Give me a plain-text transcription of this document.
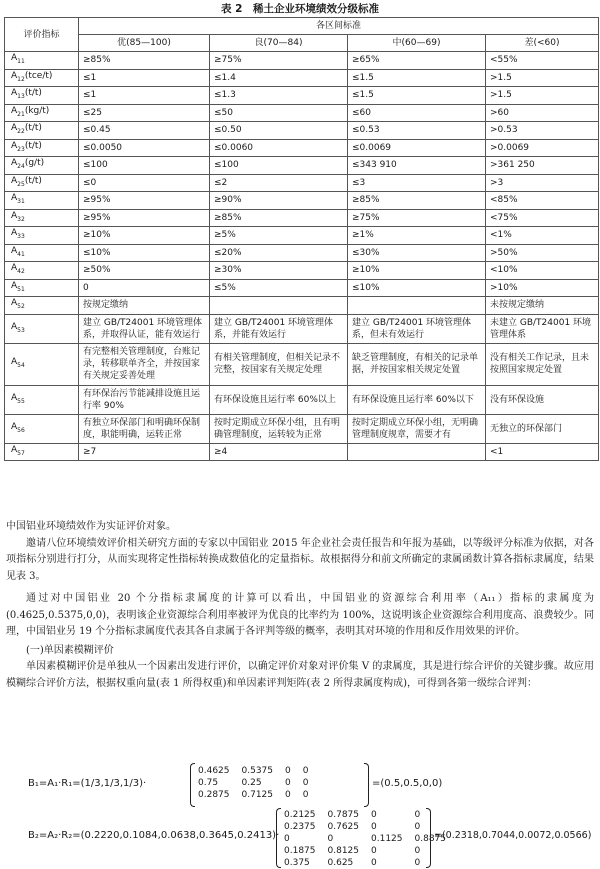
表 2　稀土企业环境绩效分级标准
评价指标	各区间标准			
	优(85—100)	良(70—84)	中(60—69)	差(<60)
$A_{11}$	≥85%	≥75%	≥65%	<55%
$A_{12}(tce/t)$	≤1	≤1.4	≤1.5	>1.5
$A_{13}(t/t)$	≤1	≤1.3	≤1.5	>1.5
$A_{21}(kg/t)$	≤25	≤50	≤60	>60
$A_{22}(t/t)$	≤0.45	≤0.50	≤0.53	>0.53
$A_{23}(t/t)$	≤0.0050	≤0.0060	≤0.0069	>0.0069
$A_{24}(g/t)$	≤100	≤100	≤343 910	>361 250
$A_{25}(t/t)$	≤0	≤2	≤3	>3
$A_{31}$	≥95%	≥90%	≥85%	<85%
$A_{32}$	≥95%	≥85%	≥75%	<75%
$A_{33}$	≥10%	≥5%	≥1%	<1%
$A_{41}$	≤10%	≤20%	≤30%	>50%
$A_{42}$	≥50%	≥30%	≥10%	<10%
$A_{51}$	0	≤5%	≤10%	>10%
$A_{52}$	按规定缴纳			未按规定缴纳
$A_{53}$	建立 GB/T24001 环境管理体系，并取得认证，能有效运行	建立 GB/T24001 环境管理体系，并能有效运行	建立 GB/T24001 环境管理体系，但未有效运行	未建立 GB/T24001 环境管理体系
$A_{54}$	有完整相关管理制度，台账记录，转移联单齐全，并按国家有关规定妥善处理	有相关管理制度，但相关记录不完整，按国家有关规定处理	缺乏管理制度，有相关的记录单据，并按国家相关规定处置	没有相关工作记录，且未按照国家规定处置
$A_{55}$	有环保治污节能减排设施且运行率 90%	有环保设施且运行率 60%以上	有环保设施且运行率 60%以下	没有环保设施
$A_{56}$	有独立环保部门和明确环保制度，职能明确，运转正常	按时定期成立环保小组，且有明确管理制度，运转较为正常	按时定期成立环保小组，无明确管理制度规章，需要才有	无独立的环保部门
$A_{57}$	≥7	≥4		<1

中国铝业环境绩效作为实证评价对象。

邀请八位环境绩效评价相关研究方面的专家以中国铝业 2015 年企业社会责任报告和年报为基础，以等级评分标准为依据，对各项指标分别进行打分，从而实现将定性指标转换成数值化的定量指标。故根据得分和前文所确定的隶属函数计算各指标隶属度，结果见表 3。

通过对中国铝业 20 个分指标隶属度的计算可以看出，中国铝业的资源综合利用率（A₁₁）指标的隶属度为(0.4625,0.5375,0,0)，表明该企业资源综合利用率被评为优良的比率约为 100%，这说明该企业资源综合利用度高、浪费较少。同理，中国铝业另 19 个分指标隶属度代表其各自隶属于各评判等级的概率，表明其对环境的作用和反作用效果的评价。

(一)单因素模糊评价

单因素模糊评价是单独从一个因素出发进行评价，以确定评价对象对评价集 V 的隶属度，其是进行综合评价的关键步骤。故应用模糊综合评价方法，根据权重向量(表 1 所得权重)和单因素评判矩阵(表 2 所得隶属度构成)，可得到各第一级综合评判：

B₁=A₁·R₁=(1/3,1/3,1/3)·
0.4625	0.5375	0	0
0.75	0.25	0	0
0.2875	0.7125	0	0
=(0.5,0.5,0,0)
B₂=A₂·R₂=(0.2220,0.1084,0.0638,0.3645,0.2413)·
0.2125	0.7875	0	0
0.2375	0.7625	0	0
0	0	0.1125	0.8875
0.1875	0.8125	0	0
0.375	0.625	0	0
=(0.2318,0.7044,0.0072,0.0566)
